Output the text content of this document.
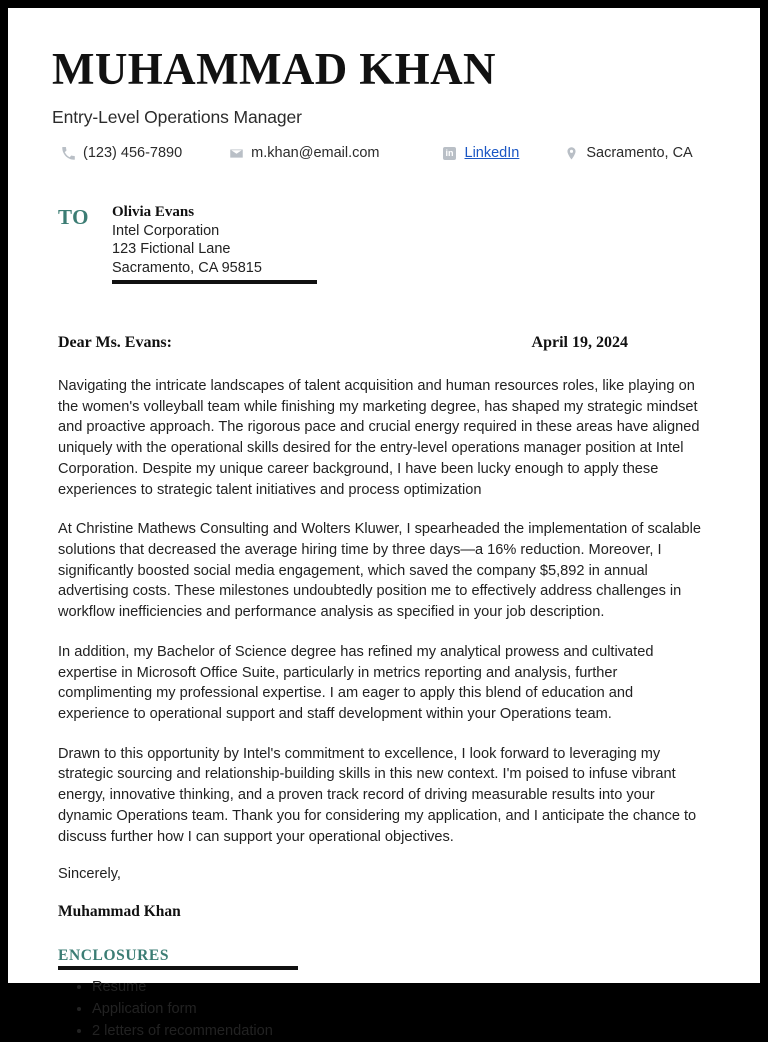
MUHAMMAD KHAN
Entry-Level Operations Manager
(123) 456-7890	m.khan@email.com	in LinkedIn	Sacramento, CA
TO	Olivia Evans
Intel Corporation
123 Fictional Lane
Sacramento, CA 95815
Dear Ms. Evans:	April 19, 2024

Navigating the intricate landscapes of talent acquisition and human resources roles, like playing on the women's volleyball team while finishing my marketing degree, has shaped my strategic mindset and proactive approach. The rigorous pace and crucial energy required in these areas have aligned uniquely with the operational skills desired for the entry-level operations manager position at Intel Corporation. Despite my unique career background, I have been lucky enough to apply these experiences to strategic talent initiatives and process optimization

At Christine Mathews Consulting and Wolters Kluwer, I spearheaded the implementation of scalable solutions that decreased the average hiring time by three days—a 16% reduction. Moreover, I significantly boosted social media engagement, which saved the company $5,892 in annual advertising costs. These milestones undoubtedly position me to effectively address challenges in workflow inefficiencies and performance analysis as specified in your job description.

In addition, my Bachelor of Science degree has refined my analytical prowess and cultivated expertise in Microsoft Office Suite, particularly in metrics reporting and analysis, further complimenting my professional expertise. I am eager to apply this blend of education and experience to operational support and staff development within your Operations team.

Drawn to this opportunity by Intel's commitment to excellence, I look forward to leveraging my strategic sourcing and relationship-building skills in this new context. I'm poised to infuse vibrant energy, innovative thinking, and a proven track record of driving measurable results into your dynamic Operations team. Thank you for considering my application, and I anticipate the chance to discuss further how I can support your operational objectives.

Sincerely,
Muhammad Khan
ENCLOSURES
• Resume
• Application form
• 2 letters of recommendation
